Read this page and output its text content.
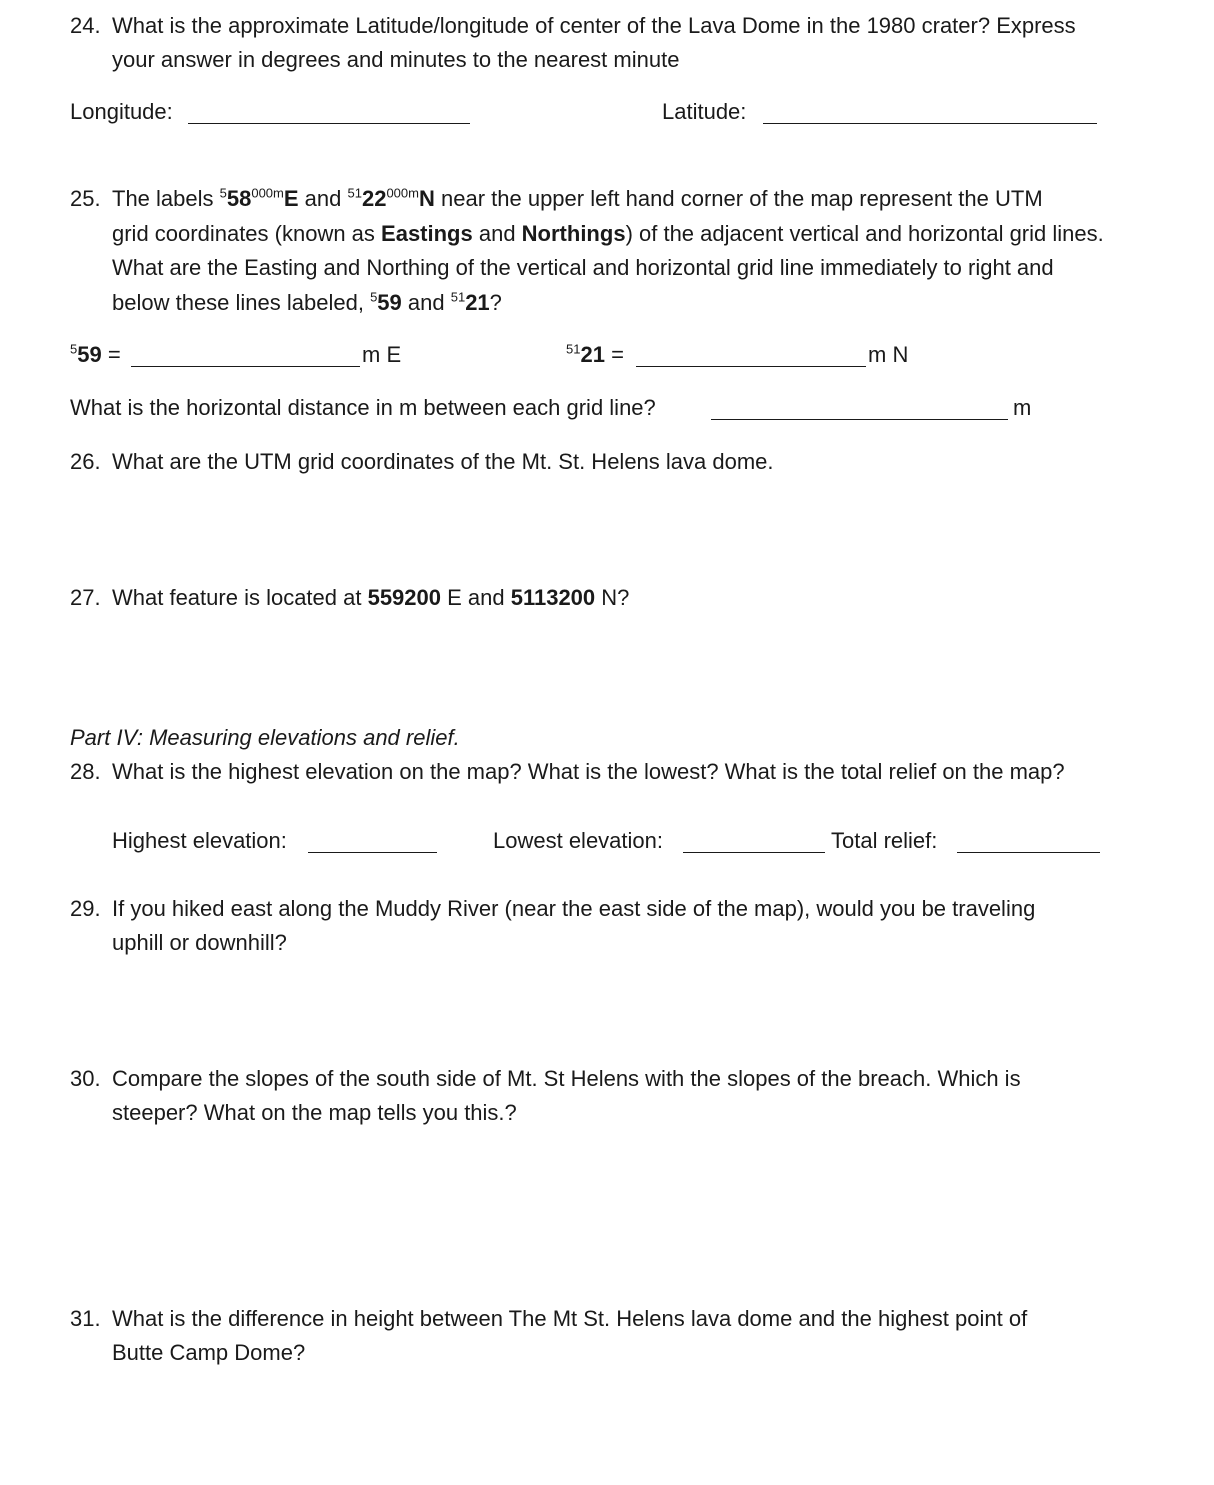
24. What is the approximate Latitude/longitude of center of the Lava Dome in the 1980 crater? Express
your answer in degrees and minutes to the nearest minute
Longitude:	Latitude:
25. The labels $^558^{000m}E$ and $^{51}22^{000m}N$ near the upper left hand corner of the map represent the UTM
grid coordinates (known as Eastings and Northings) of the adjacent vertical and horizontal grid lines.
What are the Easting and Northing of the vertical and horizontal grid line immediately to right and
below these lines labeled, $^5$59 and $^{51}$21?
$^5$59 =	m E	$^{51}$21 =	m N
What is the horizontal distance in m between each grid line?	m
26. What are the UTM grid coordinates of the Mt. St. Helens lava dome.
27. What feature is located at 559200 E and 5113200 N?
Part IV: Measuring elevations and relief.
28. What is the highest elevation on the map? What is the lowest? What is the total relief on the map?
Highest elevation:	Lowest elevation:	Total relief:
29. If you hiked east along the Muddy River (near the east side of the map), would you be traveling
uphill or downhill?
30. Compare the slopes of the south side of Mt. St Helens with the slopes of the breach. Which is
steeper? What on the map tells you this.?
31. What is the difference in height between The Mt St. Helens lava dome and the highest point of
Butte Camp Dome?
